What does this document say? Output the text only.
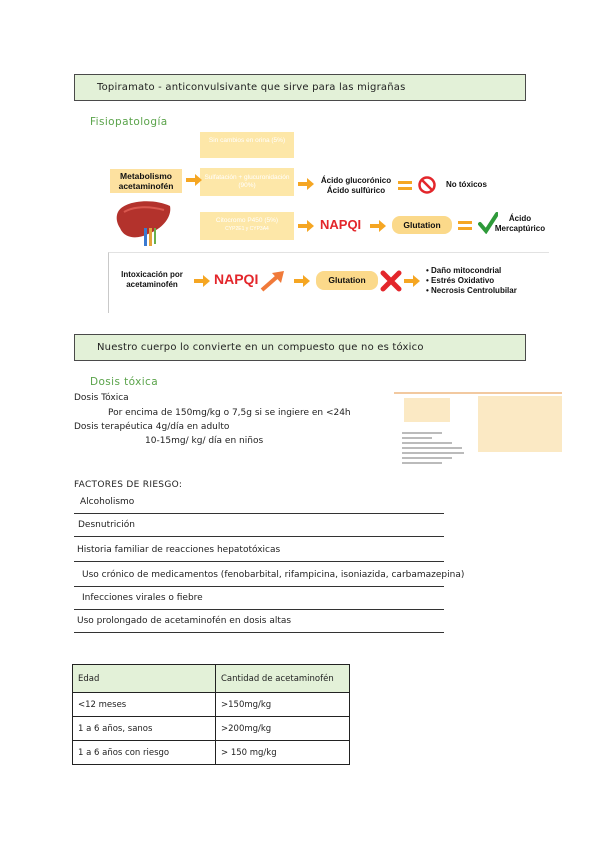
Topiramato - anticonvulsivante que sirve para las migrañas
Fisiopatología
Sin cambios en orina (5%)
Sulfatación + glucuronidación (90%)
Citocromo P450 (5%)
CYP2E1 y CYP3A4
Metabolismo acetaminofén
Ácido glucorónico
Ácido sulfúrico
No tóxicos
NAPQI	Glutation
Ácido Mercaptúrico
Intoxicación por acetaminofén	NAPQI	Glutation
• Daño mitocondrial
• Estrés Oxidativo
• Necrosis Centrolubilar
Nuestro cuerpo lo convierte en un compuesto que no es tóxico
Dosis tóxica
Dosis Tóxica
Por encima de 150mg/kg o 7,5g si se ingiere en <24h
Dosis terapéutica 4g/día en adulto
10-15mg/ kg/ día en niños
FACTORES DE RIESGO:
Alcoholismo
Desnutrición
Historia familiar de reacciones hepatotóxicas
Uso crónico de medicamentos (fenobarbital, rifampicina, isoniazida, carbamazepina)
Infecciones virales o fiebre
Uso prolongado de acetaminofén en dosis altas
Edad	Cantidad de acetaminofén
<12 meses	>150mg/kg
1 a 6 años, sanos	>200mg/kg
1 a 6 años con riesgo	> 150 mg/kg
